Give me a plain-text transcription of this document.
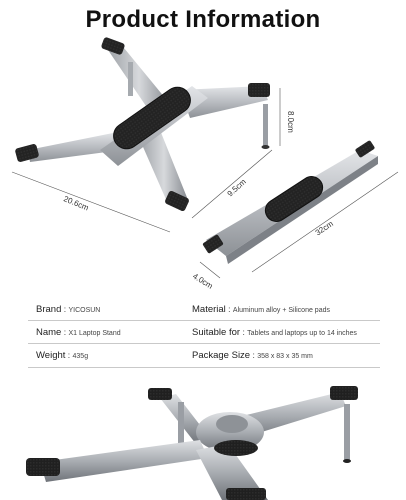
Product Information
20.6cm
9.5cm
8.0cm
32cm
4.0cm
Brand : YICOSUN	Material : Aluminum alloy + Silicone pads
Name : X1 Laptop Stand	Suitable for : Tablets and laptops up to 14 inches
Weight : 435g	Package Size : 358 x 83 x 35 mm
